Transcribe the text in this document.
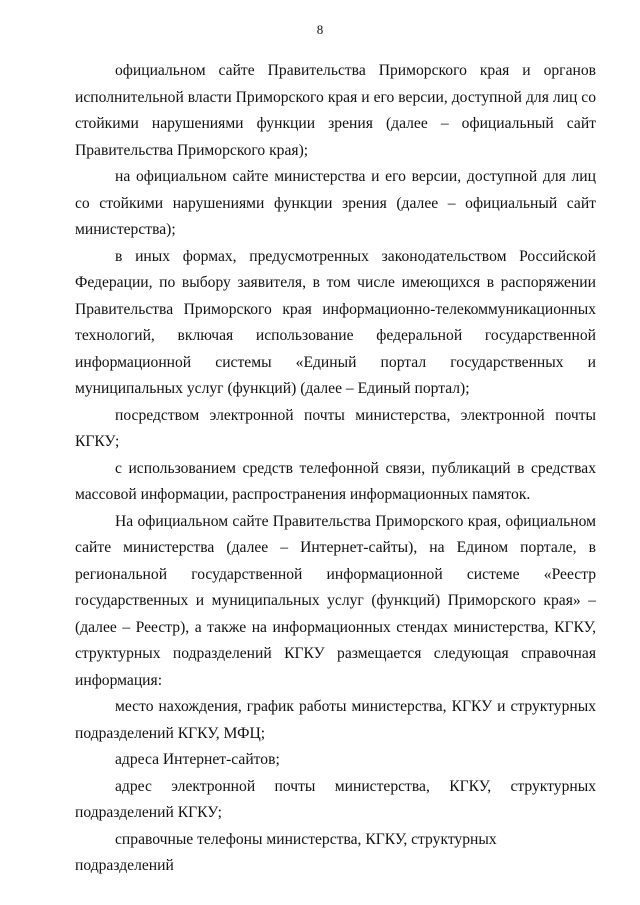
8

официальном сайте Правительства Приморского края и органов исполнительной власти Приморского края и его версии, доступной для лиц со стойкими нарушениями функции зрения (далее – официальный сайт Правительства Приморского края);

на официальном сайте министерства и его версии, доступной для лиц со стойкими нарушениями функции зрения (далее – официальный сайт министерства);

в иных формах, предусмотренных законодательством Российской Федерации, по выбору заявителя, в том числе имеющихся в распоряжении Правительства Приморского края информационно-телекоммуникационных технологий, включая использование федеральной государственной информационной системы «Единый портал государственных и муниципальных услуг (функций) (далее – Единый портал);

посредством электронной почты министерства, электронной почты КГКУ;

с использованием средств телефонной связи, публикаций в средствах массовой информации, распространения информационных памяток.

На официальном сайте Правительства Приморского края, официальном сайте министерства (далее – Интернет-сайты), на Едином портале, в региональной государственной информационной системе «Реестр государственных и муниципальных услуг (функций) Приморского края» – (далее – Реестр), а также на информационных стендах министерства, КГКУ, структурных подразделений КГКУ размещается следующая справочная информация:

место нахождения, график работы министерства, КГКУ и структурных подразделений КГКУ, МФЦ;

адреса Интернет-сайтов;

адрес электронной почты министерства, КГКУ, структурных подразделений КГКУ;

справочные телефоны министерства, КГКУ, структурных подразделений
